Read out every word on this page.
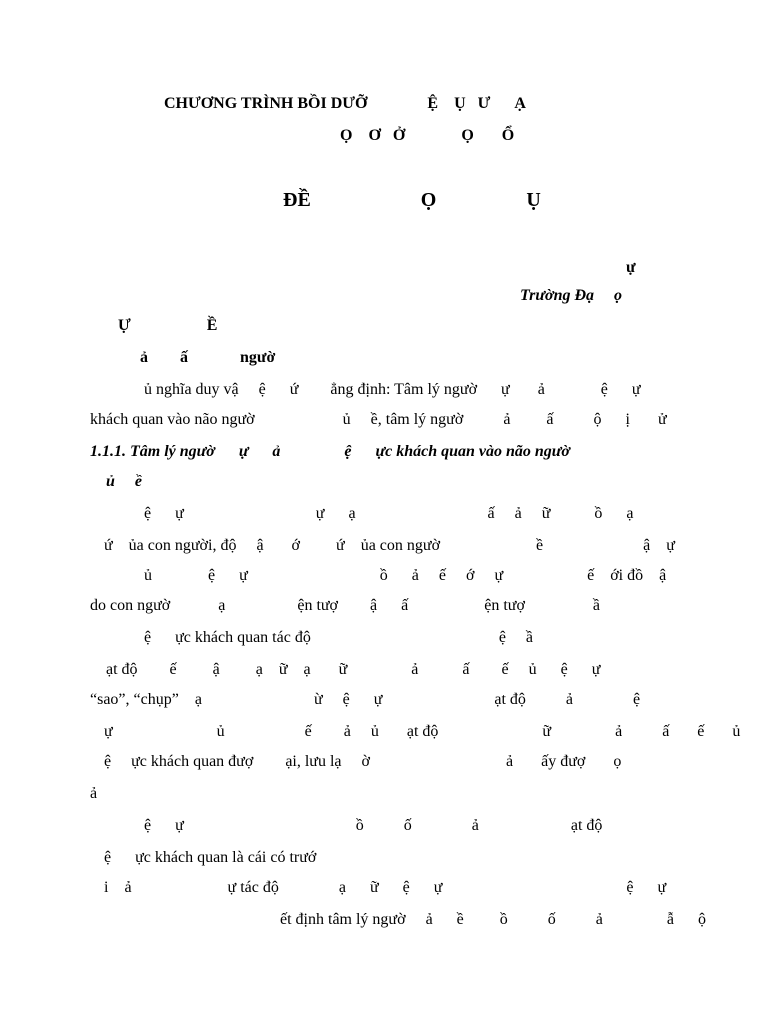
CHƯƠNG TRÌNH BỒI DƯỠ               Ệ    Ụ   Ư      Ạ
Ọ    Ơ   Ở              Ọ       Ổ
ĐỀ                      Ọ                  Ụ
ự
Trường Đạ     ọ
Ự                   Ề
ả        ấ             ngườ
ủ nghĩa duy vậ     ệ      ứ        ẳng định: Tâm lý ngườ      ự       ả              ệ      ự
khách quan vào não ngườ                      ủ     ề, tâm lý ngườ          ả         ấ          ộ      ị       ử
1.1.1. Tâm lý ngườ      ự      ả                ệ      ực khách quan vào não ngườ
ủ     ề
ệ      ự                                 ự      ạ                                 ấ     ả     ữ           ồ      ạ
ứ    ủa con người, độ     ậ       ớ         ứ    ủa con ngườ                        ề                         ậ    ự
ủ              ệ      ự                                 ồ      ả     ế     ớ     ự                     ế    ới đồ    ậ
do con ngườ            ạ                  ện tượ        ậ      ấ                   ện tượ                 ầ
ệ      ực khách quan tác độ                                               ệ     ầ
ạt độ        ế         ậ         ạ    ữ    ạ       ữ                ả           ấ        ế     ủ      ệ      ự
“sao”, “chụp”    ạ                            ừ     ệ      ự                            ạt độ          ả               ệ
ự                          ủ                    ế        ả     ủ       ạt độ                          ữ                ả          ấ       ế       ủ
ệ     ực khách quan đượ        ại, lưu lạ     ờ                                  ả       ấy đượ       ọ
ả
ệ      ự                                           ồ          ố               ả                       ạt độ
ệ      ực khách quan là cái có trướ
i    ả                        ự tác độ               ạ      ữ      ệ      ự                                              ệ      ự
ết định tâm lý ngườ     ả      ề         ồ          ố          ả                ẫ      ộ
